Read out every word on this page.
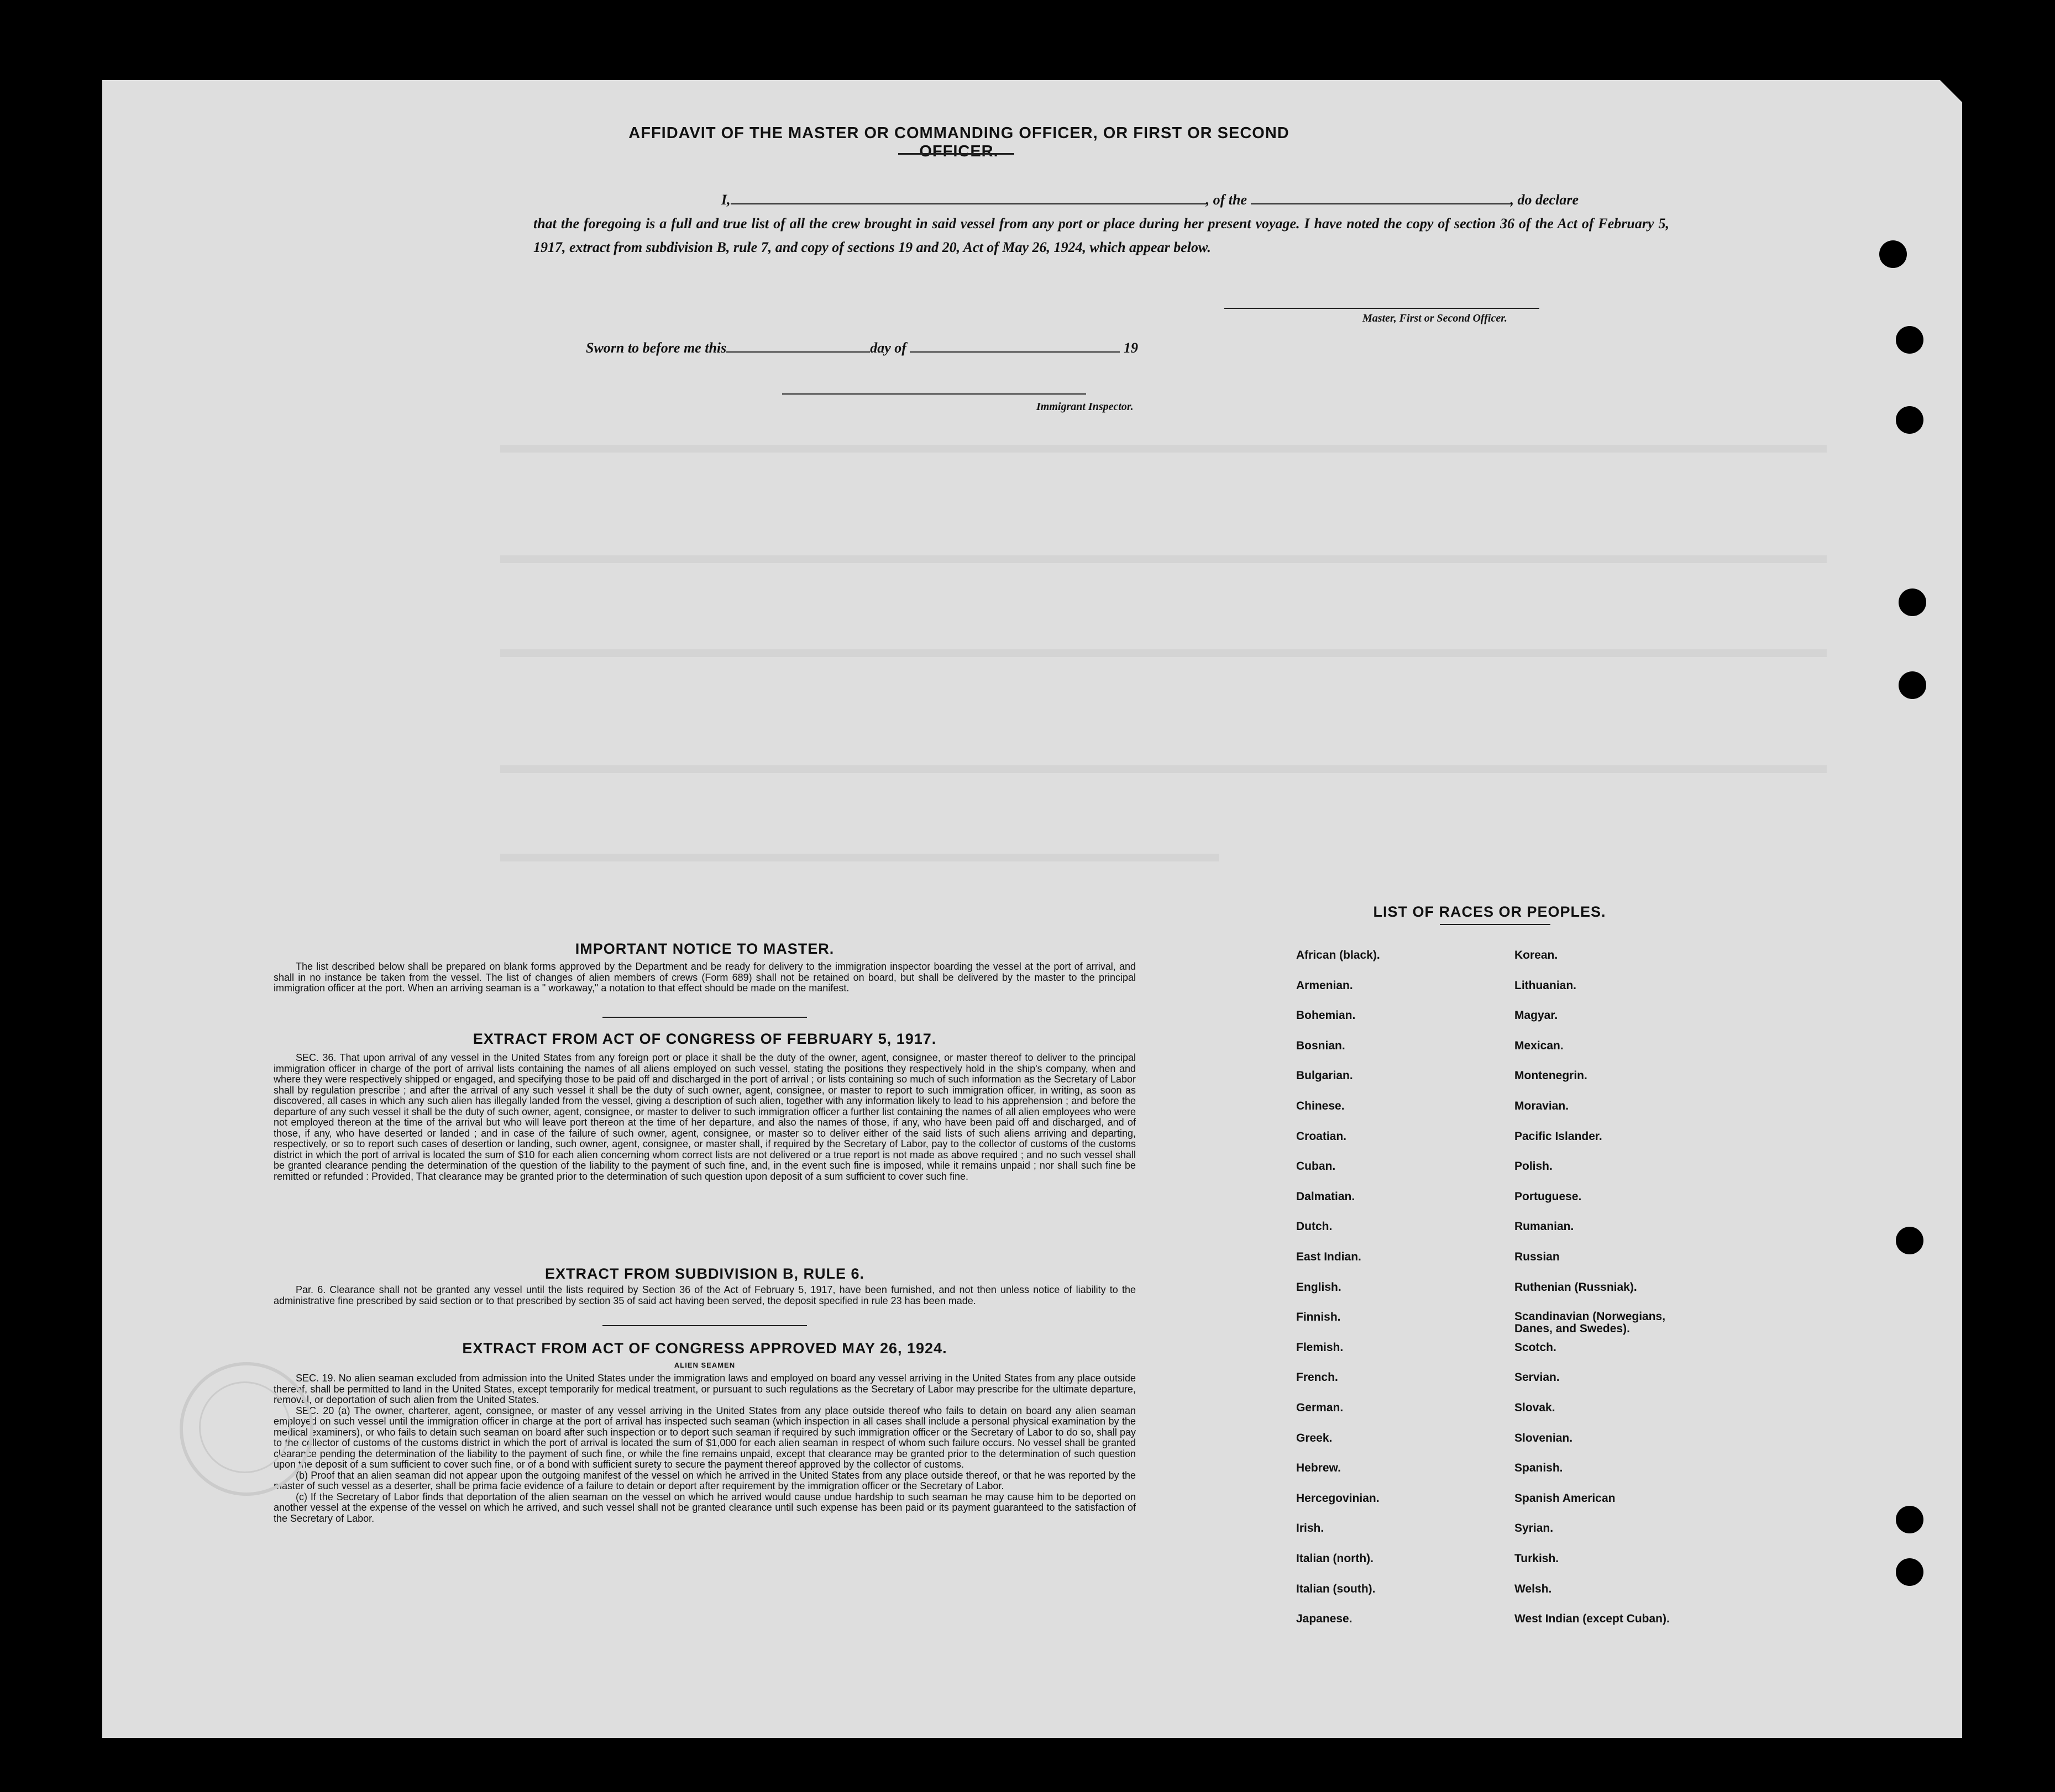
AFFIDAVIT OF THE MASTER OR COMMANDING OFFICER, OR FIRST OR SECOND OFFICER.

I,	, of the	, do declare

that the foregoing is a full and true list of all the crew brought in said vessel from any port or place during her present voyage. I have noted the copy of section 36 of the Act of February 5, 1917, extract from subdivision B, rule 7, and copy of sections 19 and 20, Act of May 26, 1924, which appear below.

Master, First or Second Officer.
Sworn to before me this	day of	19
Immigrant Inspector.
IMPORTANT NOTICE TO MASTER.

The list described below shall be prepared on blank forms approved by the Department and be ready for delivery to the immigration inspector boarding the vessel at the port of arrival, and shall in no instance be taken from the vessel. The list of changes of alien members of crews (Form 689) shall not be retained on board, but shall be delivered by the master to the principal immigration officer at the port. When an arriving seaman is a " workaway," a notation to that effect should be made on the manifest.

EXTRACT FROM ACT OF CONGRESS OF FEBRUARY 5, 1917.

SEC. 36. That upon arrival of any vessel in the United States from any foreign port or place it shall be the duty of the owner, agent, consignee, or master thereof to deliver to the principal immigration officer in charge of the port of arrival lists containing the names of all aliens employed on such vessel, stating the positions they respectively hold in the ship's company, when and where they were respectively shipped or engaged, and specifying those to be paid off and discharged in the port of arrival ; or lists containing so much of such information as the Secretary of Labor shall by regulation prescribe ; and after the arrival of any such vessel it shall be the duty of such owner, agent, consignee, or master to report to such immigration officer, in writing, as soon as discovered, all cases in which any such alien has illegally landed from the vessel, giving a description of such alien, together with any information likely to lead to his apprehension ; and before the departure of any such vessel it shall be the duty of such owner, agent, consignee, or master to deliver to such immigration officer a further list containing the names of all alien employees who were not employed thereon at the time of the arrival but who will leave port thereon at the time of her departure, and also the names of those, if any, who have been paid off and discharged, and of those, if any, who have deserted or landed ; and in case of the failure of such owner, agent, consignee, or master so to deliver either of the said lists of such aliens arriving and departing, respectively, or so to report such cases of desertion or landing, such owner, agent, consignee, or master shall, if required by the Secretary of Labor, pay to the collector of customs of the customs district in which the port of arrival is located the sum of $10 for each alien concerning whom correct lists are not delivered or a true report is not made as above required ; and no such vessel shall be granted clearance pending the determination of the question of the liability to the payment of such fine, and, in the event such fine is imposed, while it remains unpaid ; nor shall such fine be remitted or refunded : Provided, That clearance may be granted prior to the determination of such question upon deposit of a sum sufficient to cover such fine.

EXTRACT FROM SUBDIVISION B, RULE 6.

Par. 6. Clearance shall not be granted any vessel until the lists required by Section 36 of the Act of February 5, 1917, have been furnished, and not then unless notice of liability to the administrative fine prescribed by said section or to that prescribed by section 35 of said act having been served, the deposit specified in rule 23 has been made.

EXTRACT FROM ACT OF CONGRESS APPROVED MAY 26, 1924.
ALIEN SEAMEN

SEC. 19. No alien seaman excluded from admission into the United States under the immigration laws and employed on board any vessel arriving in the United States from any place outside thereof, shall be permitted to land in the United States, except temporarily for medical treatment, or pursuant to such regulations as the Secretary of Labor may prescribe for the ultimate departure, removal, or deportation of such alien from the United States.

SEC. 20 (a) The owner, charterer, agent, consignee, or master of any vessel arriving in the United States from any place outside thereof who fails to detain on board any alien seaman employed on such vessel until the immigration officer in charge at the port of arrival has inspected such seaman (which inspection in all cases shall include a personal physical examination by the medical examiners), or who fails to detain such seaman on board after such inspection or to deport such seaman if required by such immigration officer or the Secretary of Labor to do so, shall pay to the collector of customs of the customs district in which the port of arrival is located the sum of $1,000 for each alien seaman in respect of whom such failure occurs. No vessel shall be granted clearance pending the determination of the liability to the payment of such fine, or while the fine remains unpaid, except that clearance may be granted prior to the determination of such question upon the deposit of a sum sufficient to cover such fine, or of a bond with sufficient surety to secure the payment thereof approved by the collector of customs.

(b) Proof that an alien seaman did not appear upon the outgoing manifest of the vessel on which he arrived in the United States from any place outside thereof, or that he was reported by the master of such vessel as a deserter, shall be prima facie evidence of a failure to detain or deport after requirement by the immigration officer or the Secretary of Labor.

(c) If the Secretary of Labor finds that deportation of the alien seaman on the vessel on which he arrived would cause undue hardship to such seaman he may cause him to be deported on another vessel at the expense of the vessel on which he arrived, and such vessel shall not be granted clearance until such expense has been paid or its payment guaranteed to the satisfaction of the Secretary of Labor.

LIST OF RACES OR PEOPLES.
African (black).
Armenian.
Bohemian.
Bosnian.
Bulgarian.
Chinese.
Croatian.
Cuban.
Dalmatian.
Dutch.
East Indian.
English.
Finnish.
Flemish.
French.
German.
Greek.
Hebrew.
Hercegovinian.
Irish.
Italian (north).
Italian (south).
Japanese.
Korean.
Lithuanian.
Magyar.
Mexican.
Montenegrin.
Moravian.
Pacific Islander.
Polish.
Portuguese.
Rumanian.
Russian
Ruthenian (Russniak).
Scandinavian (Norwegians, Danes, and Swedes).
Scotch.
Servian.
Slovak.
Slovenian.
Spanish.
Spanish American
Syrian.
Turkish.
Welsh.
West Indian (except Cuban).
